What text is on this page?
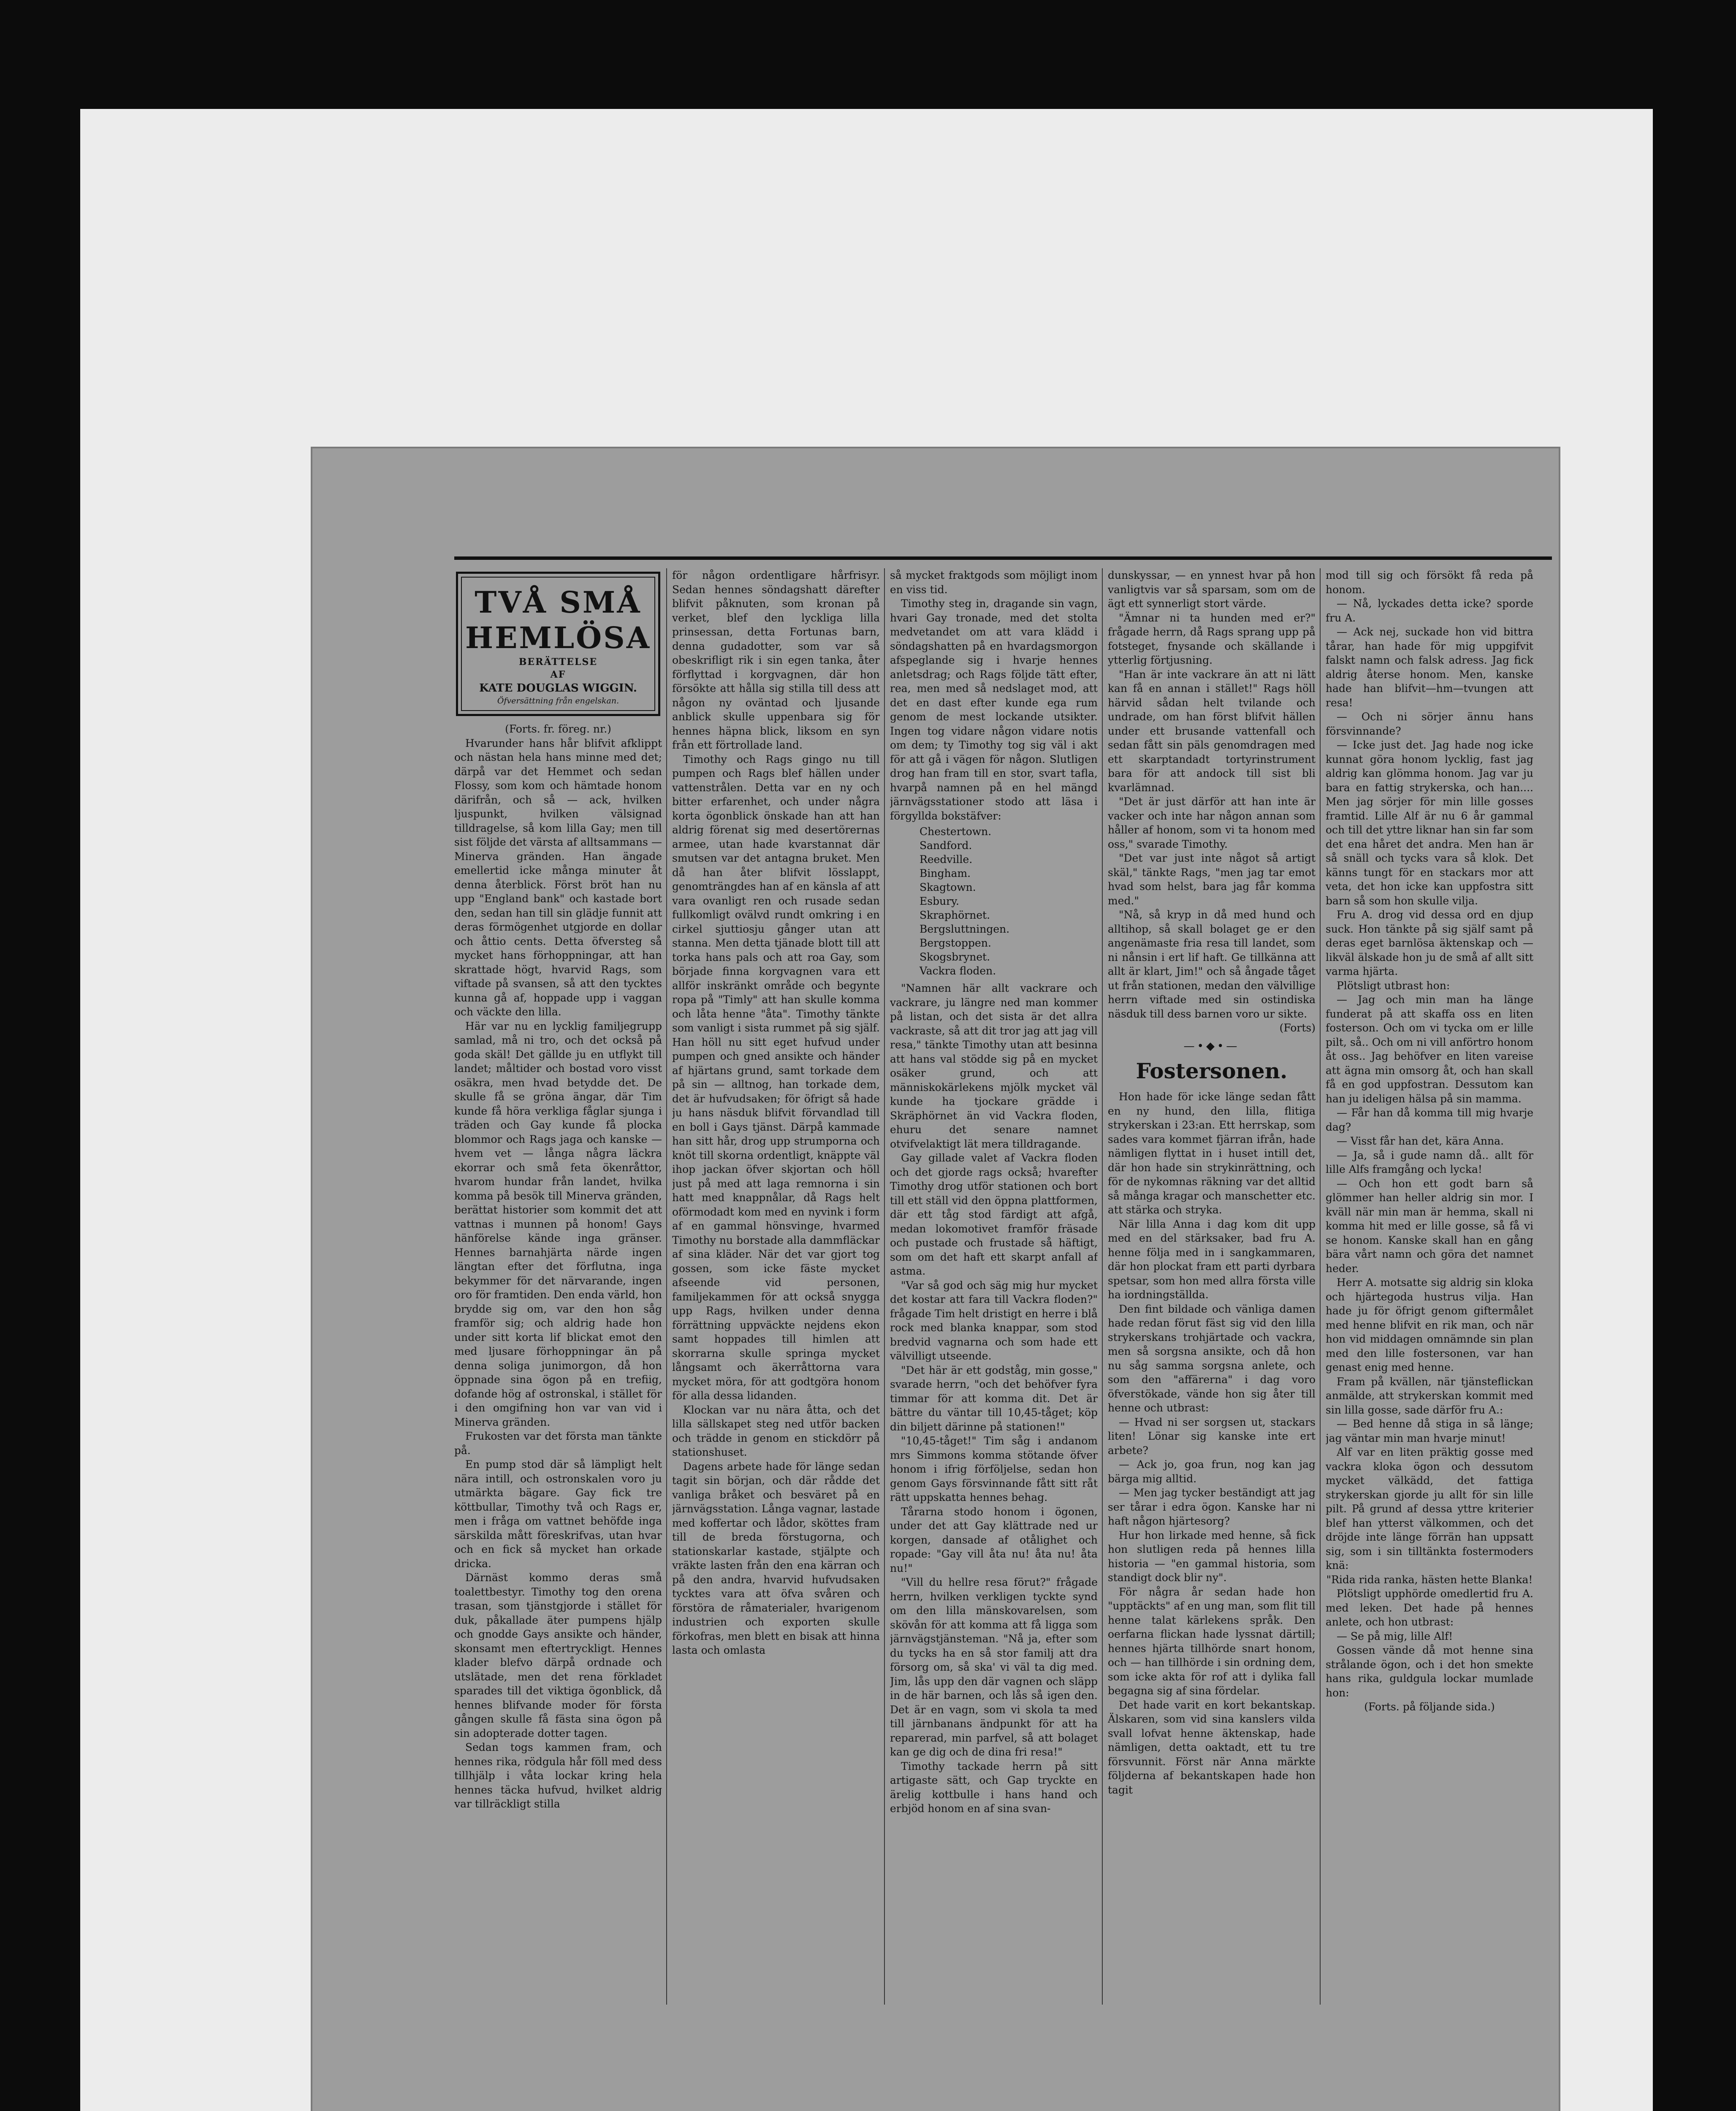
TVÅ SMÅ HEMLÖSA
BERÄTTELSE
AF
KATE DOUGLAS WIGGIN.
Öfversättning från engelskan.

(Forts. fr. föreg. nr.)

Hvarunder hans hår blifvit afklippt och nästan hela hans minne med det; därpå var det Hemmet och sedan Flossy, som kom och hämtade honom därifrån, och så — ack, hvilken ljuspunkt, hvilken välsignad tilldragelse, så kom lilla Gay; men till sist följde det värsta af alltsammans — Minerva gränden. Han ängade emellertid icke många minuter åt denna återblick. Först bröt han nu upp "England bank" och kastade bort den, sedan han till sin glädje funnit att deras förmögenhet utgjorde en dollar och åttio cents. Detta öfversteg så mycket hans förhoppningar, att han skrattade högt, hvarvid Rags, som viftade på svansen, så att den tycktes kunna gå af, hoppade upp i vaggan och väckte den lilla.

Här var nu en lycklig familjegrupp samlad, må ni tro, och det också på goda skäl! Det gällde ju en utflykt till landet; måltider och bostad voro visst osäkra, men hvad betydde det. De skulle få se gröna ängar, där Tim kunde få höra verkliga fåglar sjunga i träden och Gay kunde få plocka blommor och Rags jaga och kanske — hvem vet — långa några läckra ekorrar och små feta ökenråttor, hvarom hundar från landet, hvilka komma på besök till Minerva gränden, berättat historier som kommit det att vattnas i munnen på honom! Gays hänförelse kände inga gränser. Hennes barnahjärta närde ingen längtan efter det förflutna, inga bekymmer för det närvarande, ingen oro för framtiden. Den enda värld, hon brydde sig om, var den hon såg framför sig; och aldrig hade hon under sitt korta lif blickat emot den med ljusare förhoppningar än på denna soliga junimorgon, då hon öppnade sina ögon på en trefiig, dofande hög af ostronskal, i stället för i den omgifning hon var van vid i Minerva gränden.

Frukosten var det första man tänkte på.

En pump stod där så lämpligt helt nära intill, och ostronskalen voro ju utmärkta bägare. Gay fick tre köttbullar, Timothy två och Rags er, men i fråga om vattnet behöfde inga särskilda mått föreskrifvas, utan hvar och en fick så mycket han orkade dricka.

Därnäst kommo deras små toalettbestyr. Timothy tog den orena trasan, som tjänstgjorde i stället för duk, påkallade äter pumpens hjälp och gnodde Gays ansikte och händer, skonsamt men eftertryckligt. Hennes klader blefvo därpå ordnade och utslätade, men det rena förkladet sparades till det viktiga ögonblick, då hennes blifvande moder för första gången skulle få fästa sina ögon på sin adopterade dotter tagen.

Sedan togs kammen fram, och hennes rika, rödgula hår föll med dess tillhjälp i våta lockar kring hela hennes täcka hufvud, hvilket aldrig var tillräckligt stilla

för någon ordentligare hårfrisyr. Sedan hennes söndagshatt därefter blifvit påknuten, som kronan på verket, blef den lyckliga lilla prinsessan, detta Fortunas barn, denna gudadotter, som var så obeskrifligt rik i sin egen tanka, åter förflyttad i korgvagnen, där hon försökte att hålla sig stilla till dess att någon ny oväntad och ljusande anblick skulle uppenbara sig för hennes häpna blick, liksom en syn från ett förtrollade land.

Timothy och Rags gingo nu till pumpen och Rags blef hällen under vattenstrålen. Detta var en ny och bitter erfarenhet, och under några korta ögonblick önskade han att han aldrig förenat sig med desertörernas armee, utan hade kvarstannat där smutsen var det antagna bruket. Men då han åter blifvit lösslappt, genomträngdes han af en känsla af att vara ovanligt ren och rusade sedan fullkomligt ovälvd rundt omkring i en cirkel sjuttiosju gånger utan att stanna. Men detta tjänade blott till att torka hans pals och att roa Gay, som började finna korgvagnen vara ett allför inskränkt område och begynte ropa på "Timly" att han skulle komma och låta henne "åta". Timothy tänkte som vanligt i sista rummet på sig själf. Han höll nu sitt eget hufvud under pumpen och gned ansikte och händer af hjärtans grund, samt torkade dem på sin — alltnog, han torkade dem, det är hufvudsaken; för öfrigt så hade ju hans näsduk blifvit förvandlad till en boll i Gays tjänst. Därpå kammade han sitt hår, drog upp strumporna och knöt till skorna ordentligt, knäppte väl ihop jackan öfver skjortan och höll just på med att laga remnorna i sin hatt med knappnålar, då Rags helt oförmodadt kom med en nyvink i form af en gammal hönsvinge, hvarmed Timothy nu borstade alla dammfläckar af sina kläder. När det var gjort tog gossen, som icke fäste mycket afseende vid personen, familjekammen för att också snygga upp Rags, hvilken under denna förrättning uppväckte nejdens ekon samt hoppades till himlen att skorrarna skulle springa mycket långsamt och äkerråttorna vara mycket möra, för att godtgöra honom för alla dessa lidanden.

Klockan var nu nära åtta, och det lilla sällskapet steg ned utför backen och trädde in genom en stickdörr på stationshuset.

Dagens arbete hade för länge sedan tagit sin början, och där rådde det vanliga bråket och besväret på en järnvägsstation. Långa vagnar, lastade med koffertar och lådor, sköttes fram till de breda förstugorna, och stationskarlar kastade, stjälpte och vräkte lasten från den ena kärran och på den andra, hvarvid hufvudsaken tycktes vara att öfva svåren och förstöra de råmaterialer, hvarigenom industrien och exporten skulle förkofras, men blett en bisak att hinna lasta och omlasta

så mycket fraktgods som möjligt inom en viss tid.

Timothy steg in, dragande sin vagn, hvari Gay tronade, med det stolta medvetandet om att vara klädd i söndagshatten på en hvardagsmorgon afspeglande sig i hvarje hennes anletsdrag; och Rags följde tätt efter, rea, men med så nedslaget mod, att det en dast efter kunde ega rum genom de mest lockande utsikter. Ingen tog vidare någon vidare notis om dem; ty Timothy tog sig väl i akt för att gå i vägen för någon. Slutligen drog han fram till en stor, svart tafla, hvarpå namnen på en hel mängd järnvägsstationer stodo att läsa i förgyllda bokstäfver:

Chestertown.
Sandford.
Reedville.
Bingham.
Skagtown.
Esbury.
Skraphörnet.
Bergsluttningen.
Bergstoppen.
Skogsbrynet.
Vackra floden.

"Namnen här allt vackrare och vackrare, ju längre ned man kommer på listan, och det sista är det allra vackraste, så att dit tror jag att jag vill resa," tänkte Timothy utan att besinna att hans val stödde sig på en mycket osäker grund, och att människokärlekens mjölk mycket väl kunde ha tjockare grädde i Skräphörnet än vid Vackra floden, ehuru det senare namnet otvifvelaktigt lät mera tilldragande.

Gay gillade valet af Vackra floden och det gjorde rags också; hvarefter Timothy drog utför stationen och bort till ett ställ vid den öppna plattformen, där ett tåg stod färdigt att afgå, medan lokomotivet framför fräsade och pustade och frustade så häftigt, som om det haft ett skarpt anfall af astma.

"Var så god och säg mig hur mycket det kostar att fara till Vackra floden?" frågade Tim helt dristigt en herre i blå rock med blanka knappar, som stod bredvid vagnarna och som hade ett välvilligt utseende.

"Det här är ett godståg, min gosse," svarade herrn, "och det behöfver fyra timmar för att komma dit. Det är bättre du väntar till 10,45-tåget; köp din biljett därinne på stationen!"

"10,45-tåget!" Tim såg i andanom mrs Simmons komma stötande öfver honom i ifrig förföljelse, sedan hon genom Gays försvinnande fått sitt råt rätt uppskatta hennes behag.

Tårarna stodo honom i ögonen, under det att Gay klättrade ned ur korgen, dansade af otålighet och ropade: "Gay vill åta nu! åta nu! åta nu!"

"Vill du hellre resa förut?" frågade herrn, hvilken verkligen tyckte synd om den lilla mänskovarelsen, som skövån för att komma att få ligga som järnvägstjänsteman. "Nå ja, efter som du tycks ha en så stor familj att dra försorg om, så ska' vi väl ta dig med. Jim, lås upp den där vagnen och släpp in de här barnen, och lås så igen den. Det är en vagn, som vi skola ta med till järnbanans ändpunkt för att ha reparerad, min parfvel, så att bolaget kan ge dig och de dina fri resa!"

Timothy tackade herrn på sitt artigaste sätt, och Gap tryckte en ärelig kottbulle i hans hand och erbjöd honom en af sina svan-

dunskyssar, — en ynnest hvar på hon vanligtvis var så sparsam, som om de ägt ett synnerligt stort värde.

"Ämnar ni ta hunden med er?" frågade herrn, då Rags sprang upp på fotsteget, fnysande och skällande i ytterlig förtjusning.

"Han är inte vackrare än att ni lätt kan få en annan i stället!" Rags höll härvid sådan helt tvilande och undrade, om han först blifvit hällen under ett brusande vattenfall och sedan fått sin päls genomdragen med ett skarptandadt tortyrinstrument bara för att andock till sist bli kvarlämnad.

"Det är just därför att han inte är vacker och inte har någon annan som håller af honom, som vi ta honom med oss," svarade Timothy.

"Det var just inte något så artigt skäl," tänkte Rags, "men jag tar emot hvad som helst, bara jag får komma med."

"Nå, så kryp in då med hund och alltihop, så skall bolaget ge er den angenämaste fria resa till landet, som ni nånsin i ert lif haft. Ge tillkänna att allt är klart, Jim!" och så ångade tåget ut från stationen, medan den välvillige herrn viftade med sin ostindiska näsduk till dess barnen voro ur sikte.

(Forts)

—•◆•—
Fostersonen.

Hon hade för icke länge sedan fått en ny hund, den lilla, flitiga strykerskan i 23:an. Ett herrskap, som sades vara kommet fjärran ifrån, hade nämligen flyttat in i huset intill det, där hon hade sin strykinrättning, och för de nykomnas räkning var det alltid så många kragar och manschetter etc. att stärka och stryka.

När lilla Anna i dag kom dit upp med en del stärksaker, bad fru A. henne följa med in i sangkammaren, där hon plockat fram ett parti dyrbara spetsar, som hon med allra första ville ha iordningställda.

Den fint bildade och vänliga damen hade redan förut fäst sig vid den lilla strykerskans trohjärtade och vackra, men så sorgsna ansikte, och då hon nu såg samma sorgsna anlete, och som den "affärerna" i dag voro öfverstökade, vände hon sig åter till henne och utbrast:

— Hvad ni ser sorgsen ut, stackars liten! Lönar sig kanske inte ert arbete?

— Ack jo, goa frun, nog kan jag bärga mig alltid.

— Men jag tycker beständigt att jag ser tårar i edra ögon. Kanske har ni haft någon hjärtesorg?

Hur hon lirkade med henne, så fick hon slutligen reda på hennes lilla historia — "en gammal historia, som standigt dock blir ny".

För några år sedan hade hon "upptäckts" af en ung man, som flit till henne talat kärlekens språk. Den oerfarna flickan hade lyssnat därtill; hennes hjärta tillhörde snart honom, och — han tillhörde i sin ordning dem, som icke akta för rof att i dylika fall begagna sig af sina fördelar.

Det hade varit en kort bekantskap. Älskaren, som vid sina kanslers vilda svall lofvat henne äktenskap, hade nämligen, detta oaktadt, ett tu tre försvunnit. Först när Anna märkte följderna af bekantskapen hade hon tagit

mod till sig och försökt få reda på honom.

— Nå, lyckades detta icke? sporde fru A.

— Ack nej, suckade hon vid bittra tårar, han hade för mig uppgifvit falskt namn och falsk adress. Jag fick aldrig återse honom. Men, kanske hade han blifvit—hm—tvungen att resa!

— Och ni sörjer ännu hans försvinnande?

— Icke just det. Jag hade nog icke kunnat göra honom lycklig, fast jag aldrig kan glömma honom. Jag var ju bara en fattig strykerska, och han.... Men jag sörjer för min lille gosses framtid. Lille Alf är nu 6 år gammal och till det yttre liknar han sin far som det ena håret det andra. Men han är så snäll och tycks vara så klok. Det känns tungt för en stackars mor att veta, det hon icke kan uppfostra sitt barn så som hon skulle vilja.

Fru A. drog vid dessa ord en djup suck. Hon tänkte på sig själf samt på deras eget barnlösa äktenskap och — likväl älskade hon ju de små af allt sitt varma hjärta.

Plötsligt utbrast hon:

— Jag och min man ha länge funderat på att skaffa oss en liten fosterson. Och om vi tycka om er lille pilt, så.. Och om ni vill anförtro honom åt oss.. Jag behöfver en liten vareise att ägna min omsorg åt, och han skall få en god uppfostran. Dessutom kan han ju ideligen hälsa på sin mamma.

— Får han då komma till mig hvarje dag?

— Visst får han det, kära Anna.

— Ja, så i gude namn då.. allt för lille Alfs framgång och lycka!

— Och hon ett godt barn så glömmer han heller aldrig sin mor. I kväll när min man är hemma, skall ni komma hit med er lille gosse, så få vi se honom. Kanske skall han en gång bära vårt namn och göra det namnet heder.

Herr A. motsatte sig aldrig sin kloka och hjärtegoda hustrus vilja. Han hade ju för öfrigt genom giftermålet med henne blifvit en rik man, och när hon vid middagen omnämnde sin plan med den lille fostersonen, var han genast enig med henne.

Fram på kvällen, när tjänsteflickan anmälde, att strykerskan kommit med sin lilla gosse, sade därför fru A.:

— Bed henne då stiga in så länge; jag väntar min man hvarje minut!

Alf var en liten präktig gosse med vackra kloka ögon och dessutom mycket välkädd, det fattiga strykerskan gjorde ju allt för sin lille pilt. På grund af dessa yttre kriterier blef han ytterst välkommen, och det dröjde inte länge förrän han uppsatt sig, som i sin tilltänkta fostermoders knä:

"Rida rida ranka, hästen hette Blanka!

Plötsligt upphörde omedlertid fru A. med leken. Det hade på hennes anlete, och hon utbrast:

— Se på mig, lille Alf!

Gossen vände då mot henne sina strålande ögon, och i det hon smekte hans rika, guldgula lockar mumlade hon:

(Forts. på följande sida.)
